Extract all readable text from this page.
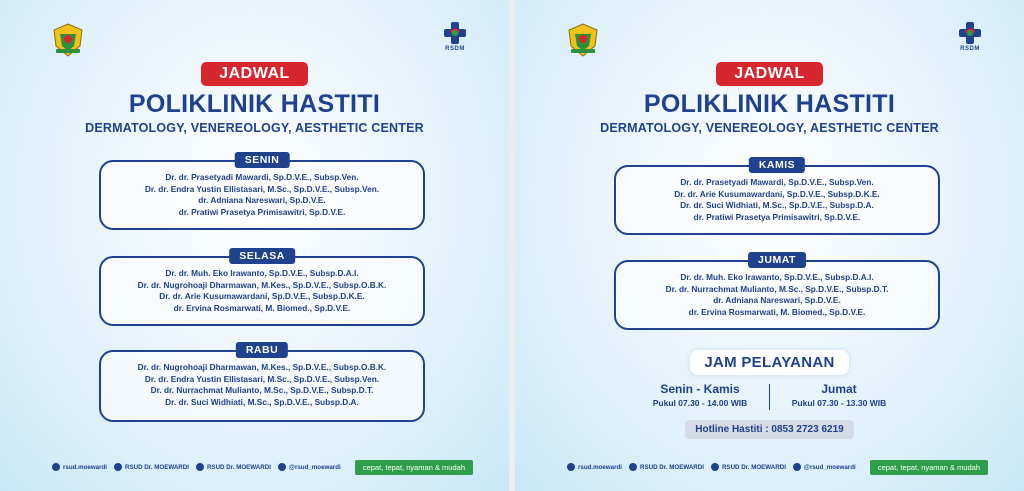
RSDM
JADWAL
POLIKLINIK HASTITI
DERMATOLOGY, VENEREOLOGY, AESTHETIC CENTER
SENIN
Dr. dr. Prasetyadi Mawardi, Sp.D.V.E., Subsp.Ven.
Dr. dr. Endra Yustin Ellistasari, M.Sc., Sp.D.V.E., Subsp.Ven.
dr. Adniana Nareswari, Sp.D.V.E.
dr. Pratiwi Prasetya Primisawitri, Sp.D.V.E.
SELASA
Dr. dr. Muh. Eko Irawanto, Sp.D.V.E., Subsp.D.A.I.
Dr. dr. Nugrohoaji Dharmawan, M.Kes., Sp.D.V.E., Subsp.O.B.K.
Dr. dr. Arie Kusumawardani, Sp.D.V.E., Subsp.D.K.E.
dr. Ervina Rosmarwati, M. Biomed., Sp.D.V.E.
RABU
Dr. dr. Nugrohoaji Dharmawan, M.Kes., Sp.D.V.E., Subsp.O.B.K.
Dr. dr. Endra Yustin Ellistasari, M.Sc., Sp.D.V.E., Subsp.Ven.
Dr. dr. Nurrachmat Mulianto, M.Sc., Sp.D.V.E., Subsp.D.T.
Dr. dr. Suci Widhiati, M.Sc., Sp.D.V.E., Subsp.D.A.
rsud.moewardi	RSUD Dr. MOEWARDI	RSUD Dr. MOEWARDI	@rsud_moewardi	cepat, tepat, nyaman & mudah
RSDM
JADWAL
POLIKLINIK HASTITI
DERMATOLOGY, VENEREOLOGY, AESTHETIC CENTER
KAMIS
Dr. dr. Prasetyadi Mawardi, Sp.D.V.E., Subsp.Ven.
Dr. dr. Arie Kusumawardani, Sp.D.V.E., Subsp.D.K.E.
Dr. dr. Suci Widhiati, M.Sc., Sp.D.V.E., Subsp.D.A.
dr. Pratiwi Prasetya Primisawitri, Sp.D.V.E.
JUMAT
Dr. dr. Muh. Eko Irawanto, Sp.D.V.E., Subsp.D.A.I.
Dr. dr. Nurrachmat Mulianto, M.Sc., Sp.D.V.E., Subsp.D.T.
dr. Adniana Nareswari, Sp.D.V.E.
dr. Ervina Rosmarwati, M. Biomed., Sp.D.V.E.
JAM PELAYANAN
Senin - Kamis
Pukul 07.30 - 14.00 WIB
Jumat
Pukul 07.30 - 13.30 WIB
Hotline Hastiti : 0853 2723 6219
rsud.moewardi	RSUD Dr. MOEWARDI	RSUD Dr. MOEWARDI	@rsud_moewardi	cepat, tepat, nyaman & mudah
